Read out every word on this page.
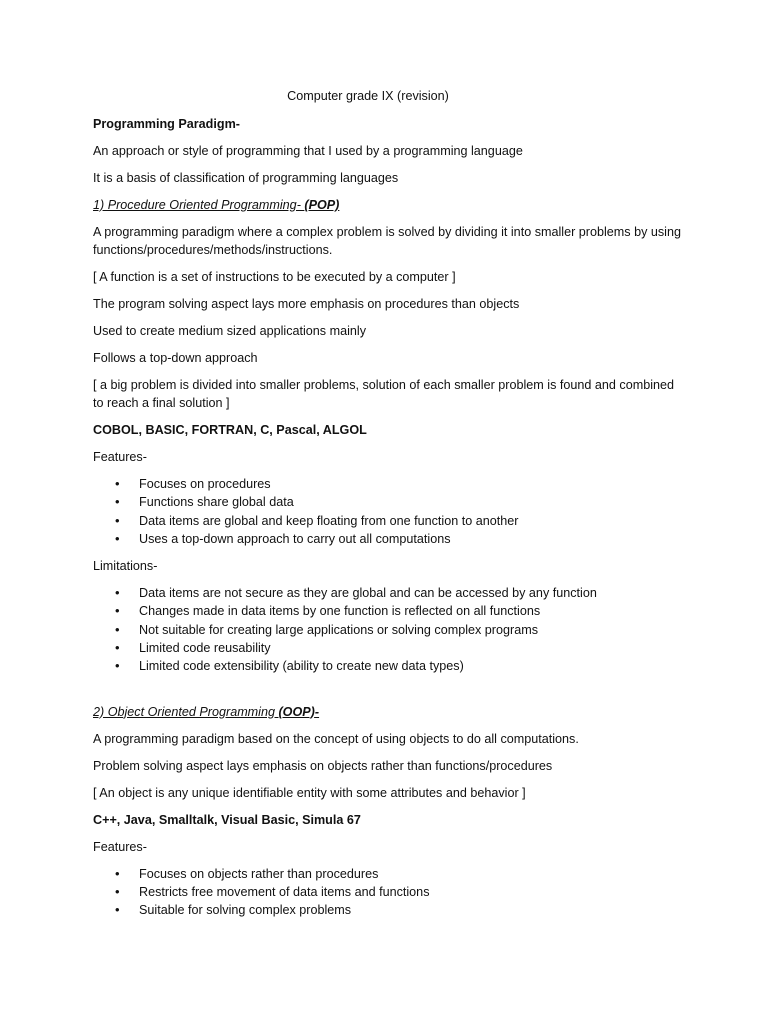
Computer grade IX (revision)

Programming Paradigm-

An approach or style of programming that I used by a programming language

It is a basis of classification of programming languages

1) Procedure Oriented Programming- (POP)

A programming paradigm where a complex problem is solved by dividing it into smaller problems by using functions/procedures/methods/instructions.

[ A function is a set of instructions to be executed by a computer ]

The program solving aspect lays more emphasis on procedures than objects

Used to create medium sized applications mainly

Follows a top-down approach

[ a big problem is divided into smaller problems, solution of each smaller problem is found and combined to reach a final solution ]

COBOL, BASIC, FORTRAN, C, Pascal, ALGOL

Features-

• Focuses on procedures
• Functions share global data
• Data items are global and keep floating from one function to another
• Uses a top-down approach to carry out all computations

Limitations-

• Data items are not secure as they are global and can be accessed by any function
• Changes made in data items by one function is reflected on all functions
• Not suitable for creating large applications or solving complex programs
• Limited code reusability
• Limited code extensibility (ability to create new data types)

2) Object Oriented Programming (OOP)-

A programming paradigm based on the concept of using objects to do all computations.

Problem solving aspect lays emphasis on objects rather than functions/procedures

[ An object is any unique identifiable entity with some attributes and behavior ]

C++, Java, Smalltalk, Visual Basic, Simula 67

Features-

• Focuses on objects rather than procedures
• Restricts free movement of data items and functions
• Suitable for solving complex problems
